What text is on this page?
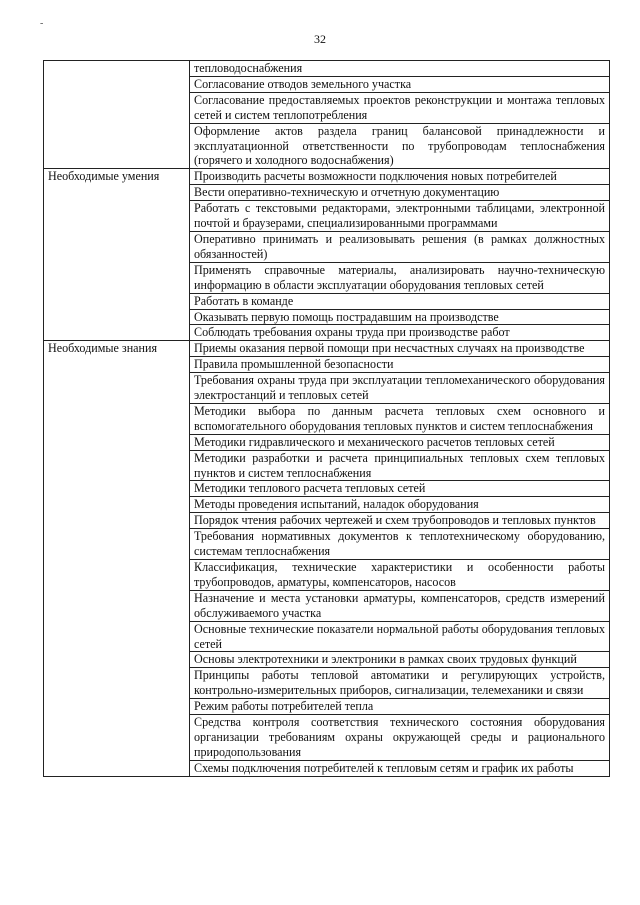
-
32
	тепловодоснабжения
	Согласование отводов земельного участка
	Согласование предоставляемых проектов реконструкции и монтажа тепловых сетей и систем теплопотребления
	Оформление актов раздела границ балансовой принадлежности и эксплуатационной ответственности по трубопроводам теплоснабжения (горячего и холодного водоснабжения)
Необходимые умения	Производить расчеты возможности подключения новых потребителей
	Вести оперативно-техническую и отчетную документацию
	Работать с текстовыми редакторами, электронными таблицами, электронной почтой и браузерами, специализированными программами
	Оперативно принимать и реализовывать решения (в рамках должностных обязанностей)
	Применять справочные материалы, анализировать научно-техническую информацию в области эксплуатации оборудования тепловых сетей
	Работать в команде
	Оказывать первую помощь пострадавшим на производстве
	Соблюдать требования охраны труда при производстве работ
Необходимые знания	Приемы оказания первой помощи при несчастных случаях на производстве
	Правила промышленной безопасности
	Требования охраны труда при эксплуатации тепломеханического оборудования электростанций и тепловых сетей
	Методики выбора по данным расчета тепловых схем основного и вспомогательного оборудования тепловых пунктов и систем теплоснабжения
	Методики гидравлического и механического расчетов тепловых сетей
	Методики разработки и расчета принципиальных тепловых схем тепловых пунктов и систем теплоснабжения
	Методики теплового расчета тепловых сетей
	Методы проведения испытаний, наладок оборудования
	Порядок чтения рабочих чертежей и схем трубопроводов и тепловых пунктов
	Требования нормативных документов к теплотехническому оборудованию, системам теплоснабжения
	Классификация, технические характеристики и особенности работы трубопроводов, арматуры, компенсаторов, насосов
	Назначение и места установки арматуры, компенсаторов, средств измерений обслуживаемого участка
	Основные технические показатели нормальной работы оборудования тепловых сетей
	Основы электротехники и электроники в рамках своих трудовых функций
	Принципы работы тепловой автоматики и регулирующих устройств, контрольно-измерительных приборов, сигнализации, телемеханики и связи
	Режим работы потребителей тепла
	Средства контроля соответствия технического состояния оборудования организации требованиям охраны окружающей среды и рационального природопользования
	Схемы подключения потребителей к тепловым сетям и график их работы
